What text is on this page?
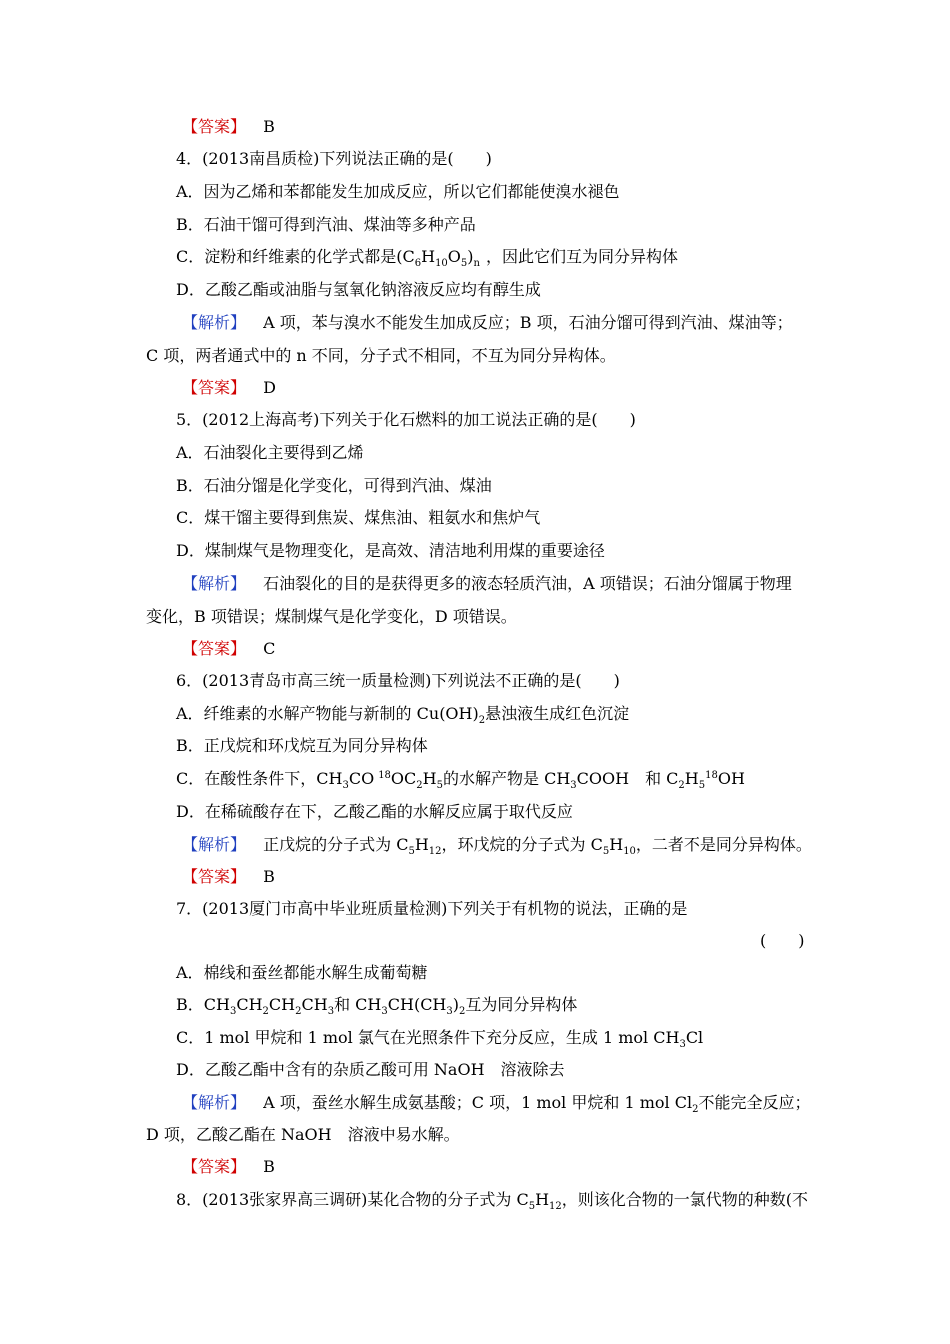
【答案】 B
4．(2013南昌质检)下列说法正确的是(　　)
A．因为乙烯和苯都能发生加成反应，所以它们都能使溴水褪色
B．石油干馏可得到汽油、煤油等多种产品
C．淀粉和纤维素的化学式都是$(C_6H_{10}O_5)_n$ ，因此它们互为同分异构体
D．乙酸乙酯或油脂与氢氧化钠溶液反应均有醇生成
【解析】 A 项，苯与溴水不能发生加成反应；B 项，石油分馏可得到汽油、煤油等；
C 项，两者通式中的 n 不同，分子式不相同，不互为同分异构体。
【答案】 D
5．(2012上海高考)下列关于化石燃料的加工说法正确的是(　　)
A．石油裂化主要得到乙烯
B．石油分馏是化学变化，可得到汽油、煤油
C．煤干馏主要得到焦炭、煤焦油、粗氨水和焦炉气
D．煤制煤气是物理变化，是高效、清洁地利用煤的重要途径
【解析】 石油裂化的目的是获得更多的液态轻质汽油，A 项错误；石油分馏属于物理
变化，B 项错误；煤制煤气是化学变化，D 项错误。
【答案】 C
6．(2013青岛市高三统一质量检测)下列说法不正确的是(　　)
A．纤维素的水解产物能与新制的 $Cu(OH)_2$悬浊液生成红色沉淀
B．正戊烷和环戊烷互为同分异构体
C．在酸性条件下，$CH_3CO$ $^{18}OC_2H_5$的水解产物是 $CH_3COOH$　和 $C_2H_5^{18}OH$
D．在稀硫酸存在下，乙酸乙酯的水解反应属于取代反应
【解析】 正戊烷的分子式为 $C_5H_{12}$，环戊烷的分子式为 $C_5H_{10}$，二者不是同分异构体。
【答案】 B
7．(2013厦门市高中毕业班质量检测)下列关于有机物的说法，正确的是
(　　)
A．棉线和蚕丝都能水解生成葡萄糖
B．$CH_3CH_2CH_2CH_3$和 $CH_3CH(CH_3)_2$互为同分异构体
C．1 mol 甲烷和 1 mol 氯气在光照条件下充分反应，生成 1 mol $CH_3Cl$
D．乙酸乙酯中含有的杂质乙酸可用 NaOH　溶液除去
【解析】 A 项，蚕丝水解生成氨基酸；C 项，1 mol 甲烷和 1 mol $Cl_2$不能完全反应；
D 项，乙酸乙酯在 NaOH　溶液中易水解。
【答案】 B
8．(2013张家界高三调研)某化合物的分子式为 $C_5H_{12}$，则该化合物的一氯代物的种数(不
